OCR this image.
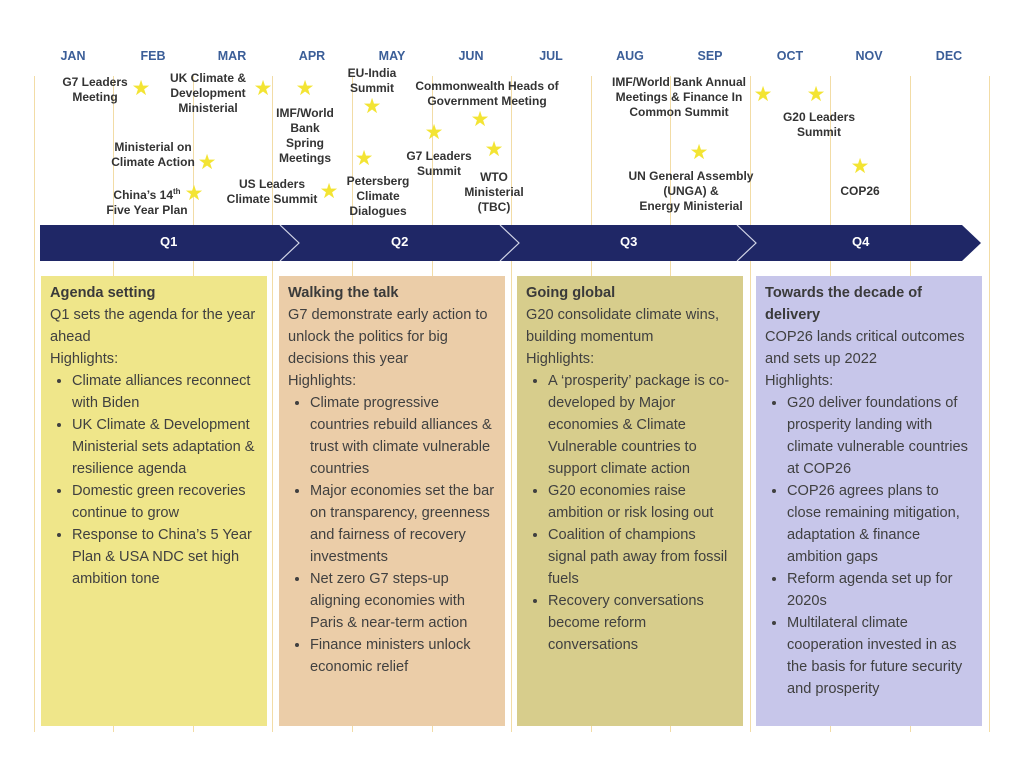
JAN	FEB	MAR	APR	MAY	JUN	JUL	AUG	SEP	OCT	NOV	DEC
G7 Leaders
Meeting
UK Climate &
Development
Ministerial
Ministerial on
Climate Action
China’s 14th
Five Year Plan
IMF/World
Bank
Spring
Meetings
US Leaders
Climate Summit
EU-India
Summit
Petersberg
Climate
Dialogues
Commonwealth Heads of
Government Meeting
G7 Leaders
Summit	WTO
Ministerial
(TBC)
IMF/World Bank Annual
Meetings & Finance In
Common Summit
UN General Assembly
(UNGA) &
Energy Ministerial
G20 Leaders
Summit
COP26
★	★ ★
★
★	★
★
★
★
★
★
★ ★
★
★
Q1	Q2	Q3	Q4
Agenda setting

Q1 sets the agenda for the year ahead

Highlights:

• Climate alliances reconnect with Biden
• UK Climate & Development Ministerial sets adaptation & resilience agenda
• Domestic green recoveries continue to grow
• Response to China’s 5 Year Plan & USA NDC set high ambition tone
Walking the talk

G7 demonstrate early action to unlock the politics for big decisions this year

Highlights:

• Climate progressive countries rebuild alliances & trust with climate vulnerable countries
• Major economies set the bar on transparency, greenness and fairness of recovery investments
• Net zero G7 steps-up aligning economies with Paris & near-term action
• Finance ministers unlock economic relief
Going global

G20 consolidate climate wins, building momentum

Highlights:

• A ‘prosperity’ package is co-developed by Major economies & Climate Vulnerable countries to support climate action
• G20 economies raise ambition or risk losing out
• Coalition of champions signal path away from fossil fuels
• Recovery conversations become reform conversations
Towards the decade of delivery

COP26 lands critical outcomes and sets up 2022

Highlights:

• G20 deliver foundations of prosperity landing with climate vulnerable countries at COP26
• COP26 agrees plans to close remaining mitigation, adaptation & finance ambition gaps
• Reform agenda set up for 2020s
• Multilateral climate cooperation invested in as the basis for future security and prosperity
